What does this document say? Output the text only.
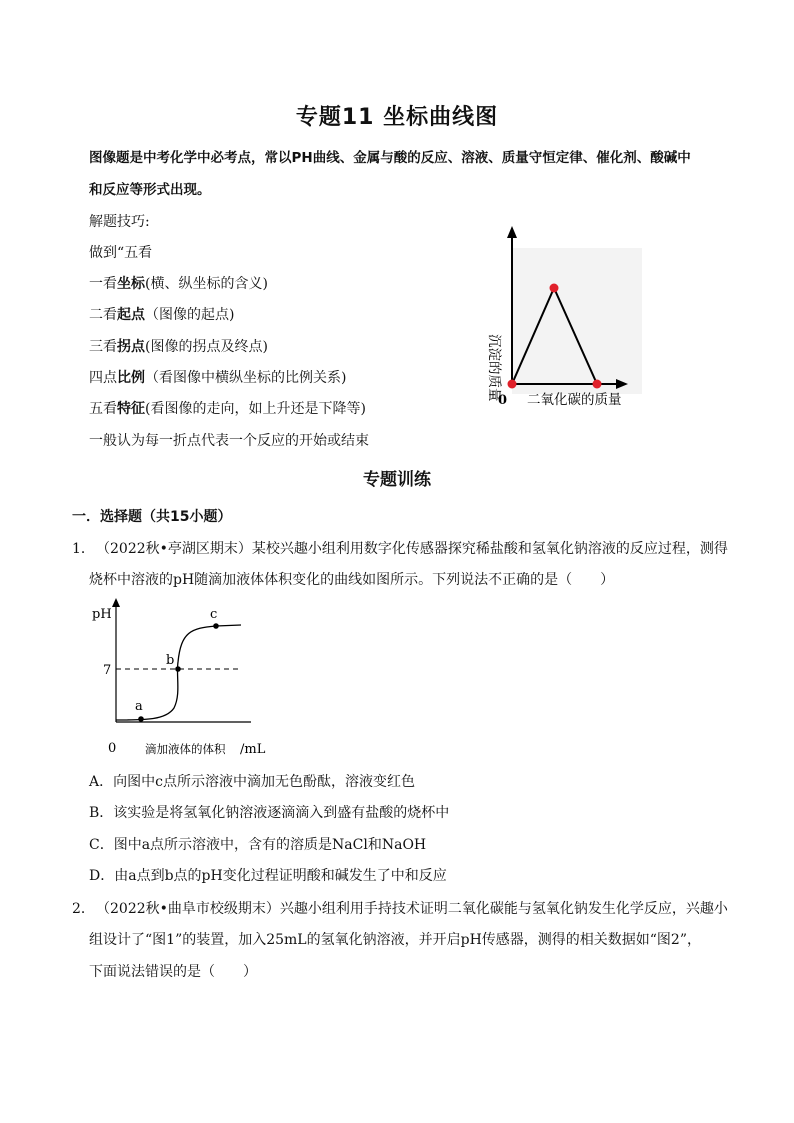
专题11 坐标曲线图
图像题是中考化学中必考点，常以PH曲线、金属与酸的反应、溶液、质量守恒定律、催化剂、酸碱中
和反应等形式出现。
解题技巧:
做到“五看
一看坐标(横、纵坐标的含义)
二看起点（图像的起点)
三看拐点(图像的拐点及终点)
四点比例（看图像中横纵坐标的比例关系)
五看特征(看图像的走向，如上升还是下降等)
一般认为每一折点代表一个反应的开始或结束
0 二氧化碳的质量
沉淀的质量
专题训练
一．选择题（共15小题）
1． （2022秋•亭湖区期末）某校兴趣小组利用数字化传感器探究稀盐酸和氢氧化钠溶液的反应过程，测得
烧杯中溶液的pH随滴加液体体积变化的曲线如图所示。下列说法不正确的是（　　）
a
b
c
pH
7
0 滴加液体的体积 /mL
A．向图中c点所示溶液中滴加无色酚酞，溶液变红色
B．该实验是将氢氧化钠溶液逐滴滴入到盛有盐酸的烧杯中
C．图中a点所示溶液中，含有的溶质是NaCl和NaOH
D．由a点到b点的pH变化过程证明酸和碱发生了中和反应
2． （2022秋•曲阜市校级期末）兴趣小组利用手持技术证明二氧化碳能与氢氧化钠发生化学反应，兴趣小
组设计了“图1”的装置，加入25mL的氢氧化钠溶液，并开启pH传感器，测得的相关数据如“图2”，
下面说法错误的是（　　）
